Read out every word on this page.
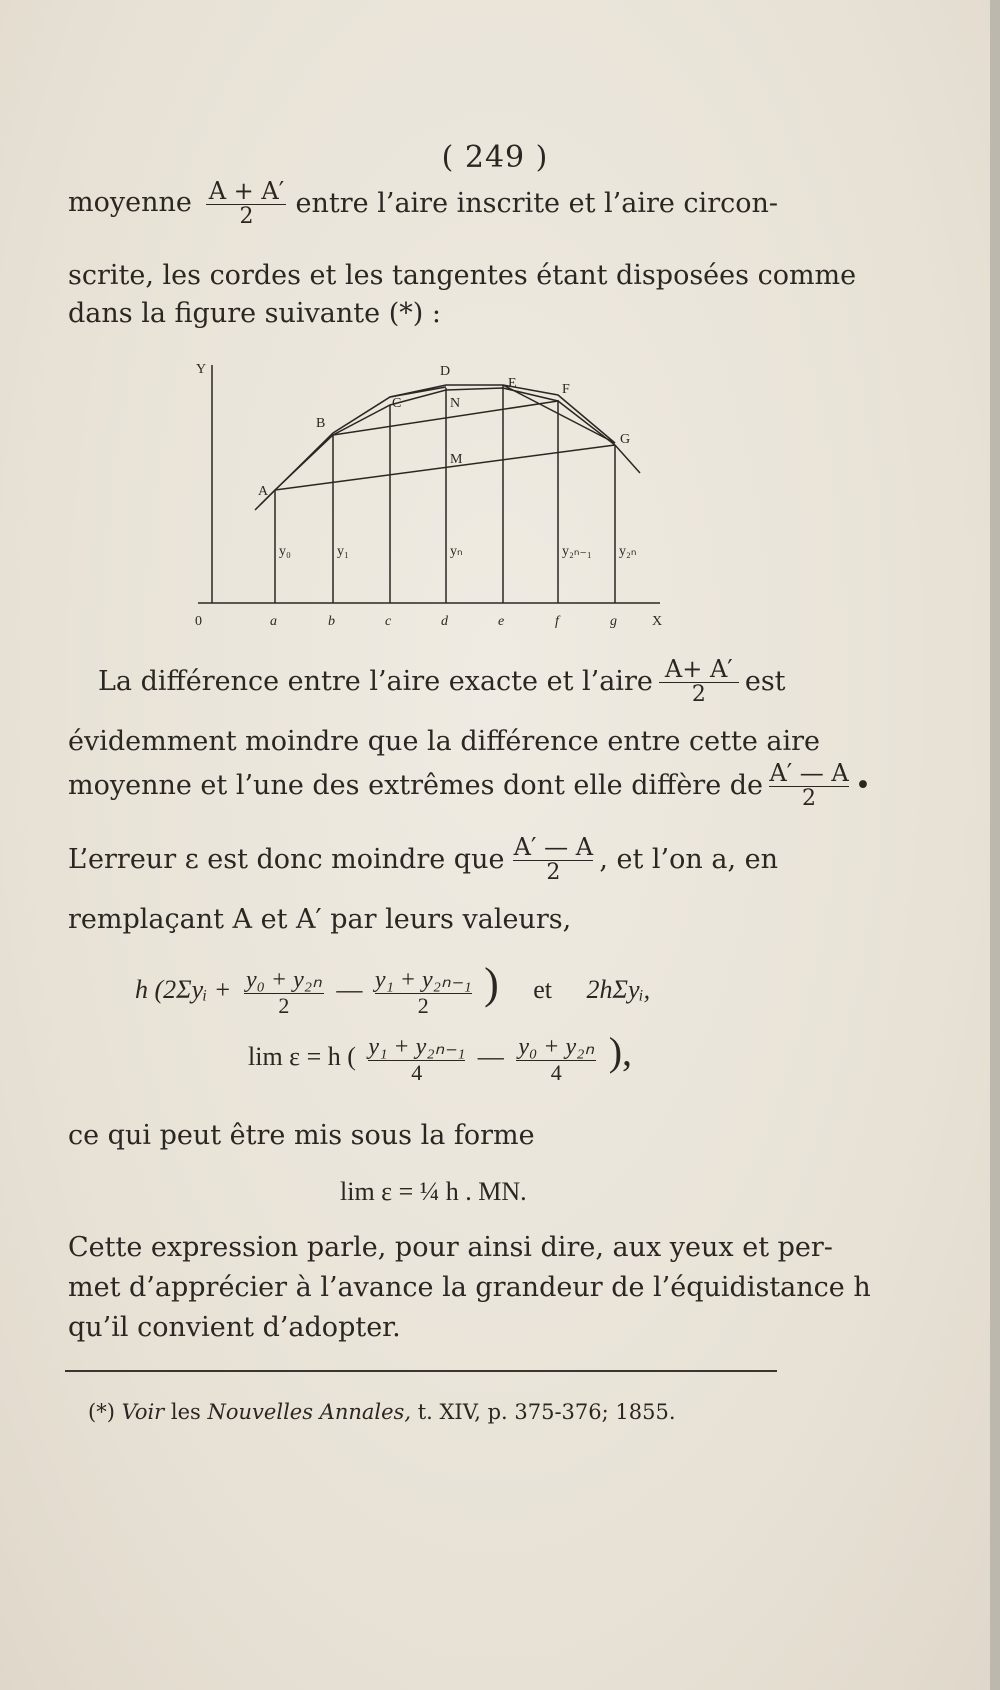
( 249 )
moyenne $\frac{A + A'}{2}$ entre l’aire inscrite et l’aire circon-
scrite, les cordes et les tangentes étant disposées comme
dans la figure suivante (*) :
Y
X
0
A
B
C
D
E	F
G
N
M
y₀	y₁	yₙ	y₂ₙ₋₁ y₂ₙ
a	b	c	d	e	f	g
La différence entre l’aire exacte et l’aire $\frac{A+ A'}{2}$ est
évidemment moindre que la différence entre cette aire
moyenne et l’une des extrêmes dont elle diffère de $\frac{A' — A}{2}$ •
L’erreur ε est donc moindre que $\frac{A' — A}{2}$ , et l’on a, en
remplaçant A et A′ par leurs valeurs,
h (2Σyᵢ + $\frac{\text{y₀ + y₂ₙ}}{2}$ — $\frac{\text{y₁ + y₂ₙ₋₁}}{2}$ ) et 2hΣyᵢ,
lim ε = h ( $\frac{\text{y₁ + y₂ₙ₋₁}}{4}$ — $\frac{\text{y₀ + y₂ₙ}}{4}$ ),
ce qui peut être mis sous la forme
lim ε = ¼ h . MN.
Cette expression parle, pour ainsi dire, aux yeux et per-
met d’apprécier à l’avance la grandeur de l’équidistance h
qu’il convient d’adopter.
(*) Voir les Nouvelles Annales, t. XIV, p. 375-376; 1855.
